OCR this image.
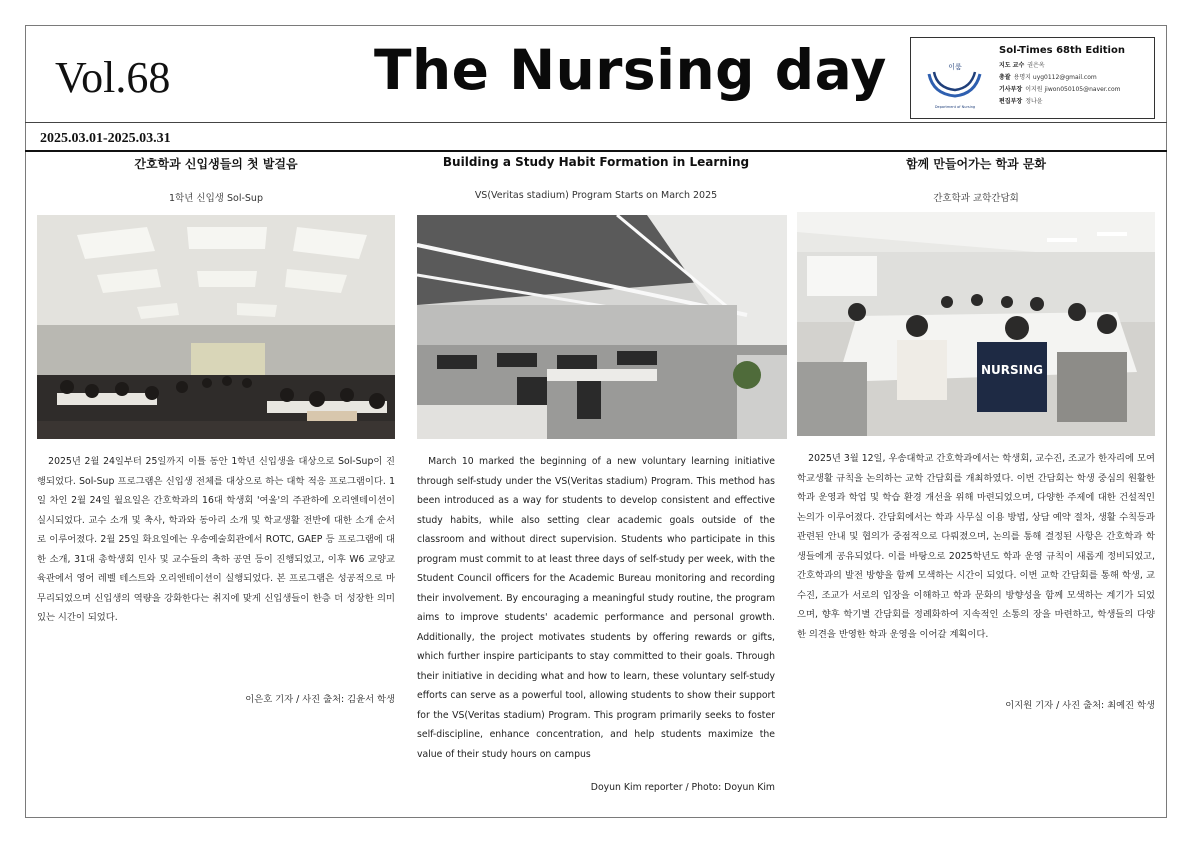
Vol.68	The Nursing day	이룸
Department of Nursing
Sol-Times 68th Edition
지도 교수 권은옥
총괄 용명지 uyg0112@gmail.com
기사부장 이지원 jiwon050105@naver.com
편집부장 정나윤
2025.03.01-2025.03.31
간호학과 신입생들의 첫 발걸음
1학년 신입생 Sol-Sup
2025년 2월 24일부터 25일까지 이틀 동안 1학년 신입생을 대상으로 Sol-Sup이 진행되었다. Sol-Sup 프로그램은 신입생 전체를 대상으로 하는 대학 적응 프로그램이다. 1일 차인 2월 24일 월요일은 간호학과의 16대 학생회 '여울'의 주관하에 오리엔테이션이 실시되었다. 교수 소개 및 축사, 학과와 동아리 소개 및 학교생활 전반에 대한 소개 순서로 이루어졌다. 2월 25일 화요일에는 우송예술회관에서 ROTC, GAEP 등 프로그램에 대한 소개, 31대 총학생회 인사 및 교수들의 축하 공연 등이 진행되었고, 이후 W6 교양교육관에서 영어 레벨 테스트와 오리엔테이션이 실행되었다. 본 프로그램은 성공적으로 마무리되었으며 신입생의 역량을 강화한다는 취지에 맞게 신입생들이 한층 더 성장한 의미 있는 시간이 되었다.
이은호 기자 / 사진 출처: 김윤서 학생
Building a Study Habit Formation in Learning
VS(Veritas stadium) Program Starts on March 2025
March 10 marked the beginning of a new voluntary learning initiative through self-study under the VS(Veritas stadium) Program. This method has been introduced as a way for students to develop consistent and effective study habits, while also setting clear academic goals outside of the classroom and without direct supervision. Students who participate in this program must commit to at least three days of self-study per week, with the Student Council officers for the Academic Bureau monitoring and recording their involvement. By encouraging a meaningful study routine, the program aims to improve students' academic performance and personal growth. Additionally, the project motivates students by offering rewards or gifts, which further inspire participants to stay committed to their goals. Through their initiative in deciding what and how to learn, these voluntary self-study efforts can serve as a powerful tool, allowing students to show their support for the VS(Veritas stadium) Program. This program primarily seeks to foster self-discipline, enhance concentration, and help students maximize the value of their study hours on campus
Doyun Kim reporter / Photo: Doyun Kim
함께 만들어가는 학과 문화
간호학과 교학간담회
NURSING
2025년 3월 12일, 우송대학교 간호학과에서는 학생회, 교수진, 조교가 한자리에 모여 학교생활 규칙을 논의하는 교학 간담회를 개최하였다. 이번 간담회는 학생 중심의 원활한 학과 운영과 학업 및 학습 환경 개선을 위해 마련되었으며, 다양한 주제에 대한 건설적인 논의가 이루어졌다. 간담회에서는 학과 사무실 이용 방법, 상담 예약 절차, 생활 수칙등과 관련된 안내 및 협의가 중점적으로 다뤄졌으며, 논의를 통해 결정된 사항은 간호학과 학생들에게 공유되었다. 이를 바탕으로 2025학년도 학과 운영 규칙이 새롭게 정비되었고, 간호학과의 발전 방향을 함께 모색하는 시간이 되었다. 이번 교학 간담회를 통해 학생, 교수진, 조교가 서로의 입장을 이해하고 학과 문화의 방향성을 함께 모색하는 계기가 되었으며, 향후 학기별 간담회를 정례화하여 지속적인 소통의 장을 마련하고, 학생들의 다양한 의견을 반영한 학과 운영을 이어갈 계획이다.
이지원 기자 / 사진 출처: 최예진 학생
